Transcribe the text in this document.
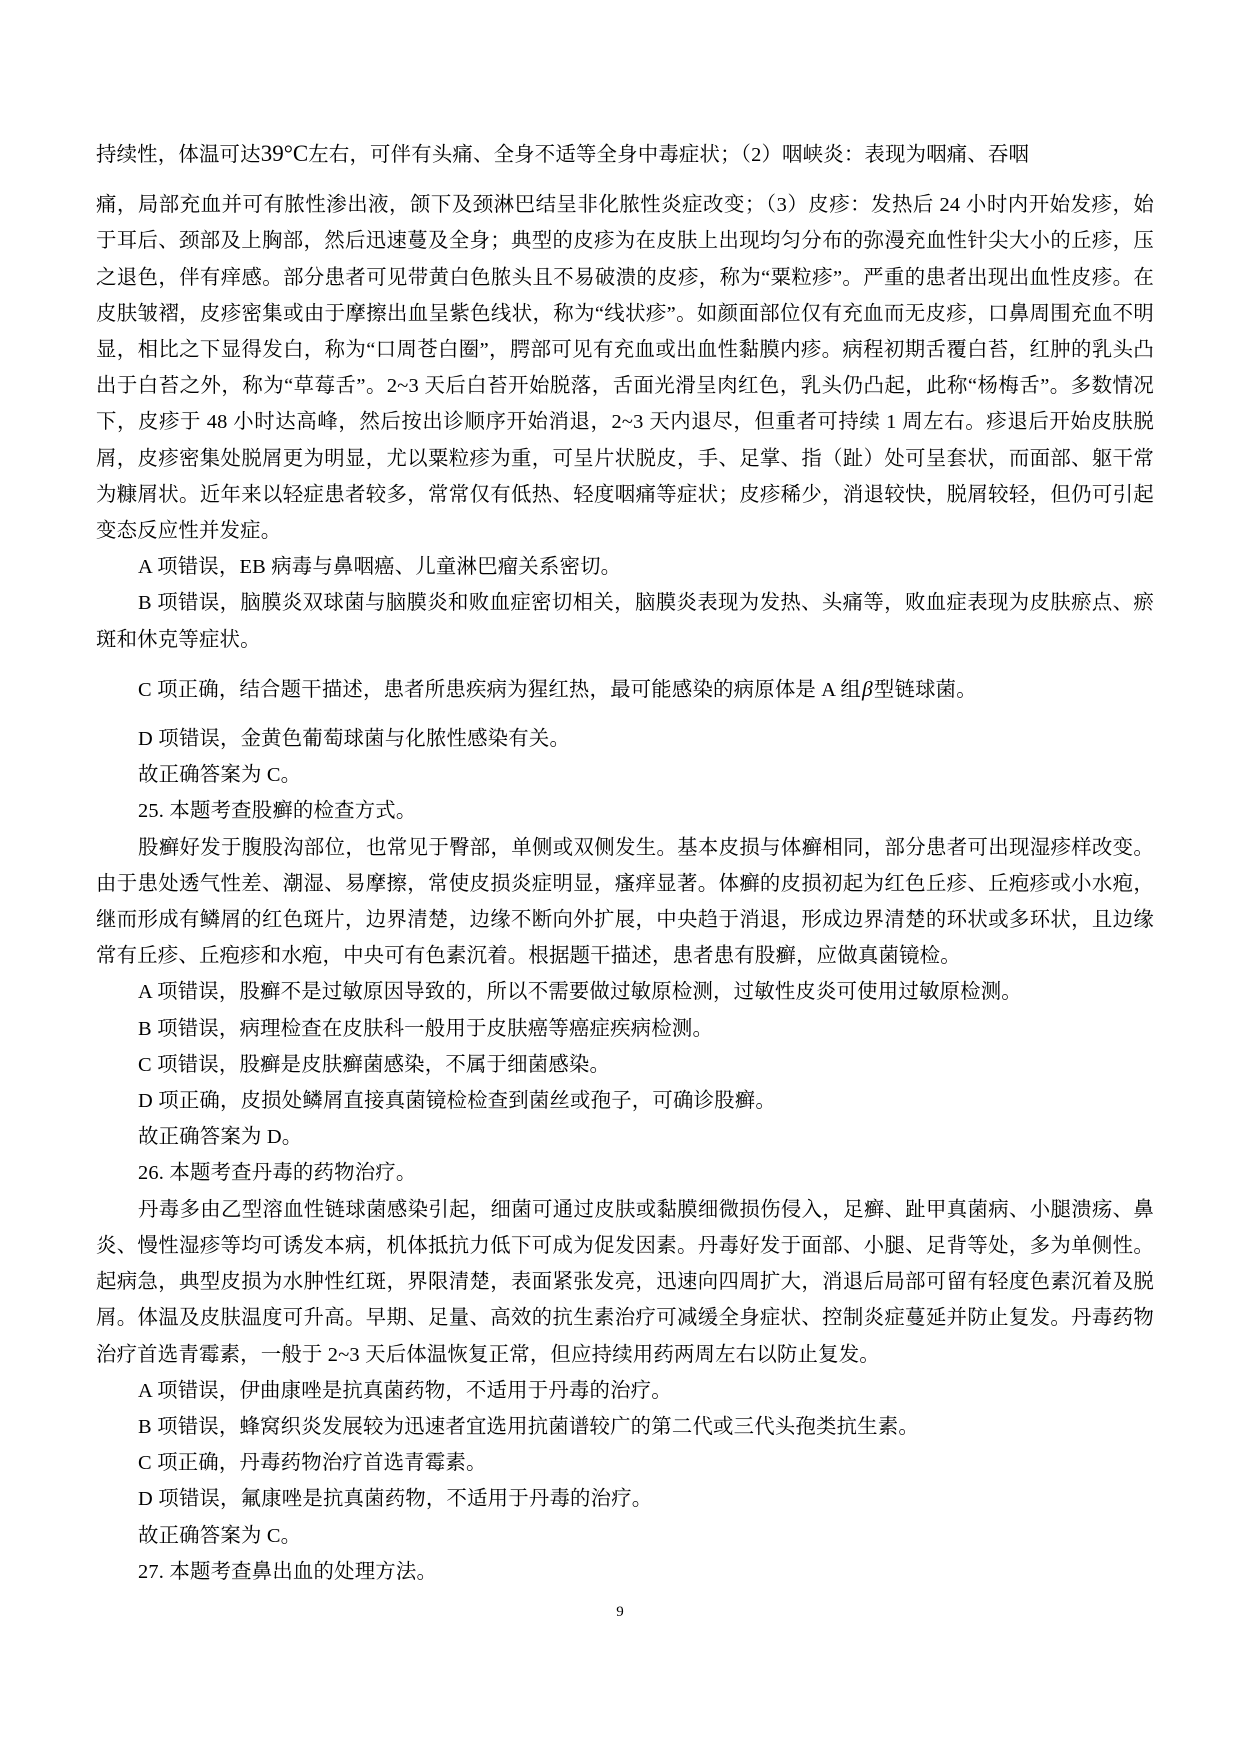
持续性，体温可达39°C左右，可伴有头痛、全身不适等全身中毒症状；（2）咽峡炎：表现为咽痛、吞咽

痛，局部充血并可有脓性渗出液，颌下及颈淋巴结呈非化脓性炎症改变；（3）皮疹：发热后 24 小时内开始发疹，始于耳后、颈部及上胸部，然后迅速蔓及全身；典型的皮疹为在皮肤上出现均匀分布的弥漫充血性针尖大小的丘疹，压之退色，伴有痒感。部分患者可见带黄白色脓头且不易破溃的皮疹，称为“粟粒疹”。严重的患者出现出血性皮疹。在皮肤皱褶，皮疹密集或由于摩擦出血呈紫色线状，称为“线状疹”。如颜面部位仅有充血而无皮疹，口鼻周围充血不明显，相比之下显得发白，称为“口周苍白圈”，腭部可见有充血或出血性黏膜内疹。病程初期舌覆白苔，红肿的乳头凸出于白苔之外，称为“草莓舌”。2~3 天后白苔开始脱落，舌面光滑呈肉红色，乳头仍凸起，此称“杨梅舌”。多数情况下，皮疹于 48 小时达高峰，然后按出诊顺序开始消退，2~3 天内退尽，但重者可持续 1 周左右。疹退后开始皮肤脱屑，皮疹密集处脱屑更为明显，尤以粟粒疹为重，可呈片状脱皮，手、足掌、指（趾）处可呈套状，而面部、躯干常为糠屑状。近年来以轻症患者较多，常常仅有低热、轻度咽痛等症状；皮疹稀少，消退较快，脱屑较轻，但仍可引起变态反应性并发症。

A 项错误，EB 病毒与鼻咽癌、儿童淋巴瘤关系密切。

B 项错误，脑膜炎双球菌与脑膜炎和败血症密切相关，脑膜炎表现为发热、头痛等，败血症表现为皮肤瘀点、瘀斑和休克等症状。

C 项正确，结合题干描述，患者所患疾病为猩红热，最可能感染的病原体是 A 组β型链球菌。

D 项错误，金黄色葡萄球菌与化脓性感染有关。

故正确答案为 C。

25. 本题考查股癣的检查方式。

股癣好发于腹股沟部位，也常见于臀部，单侧或双侧发生。基本皮损与体癣相同，部分患者可出现湿疹样改变。由于患处透气性差、潮湿、易摩擦，常使皮损炎症明显，瘙痒显著。体癣的皮损初起为红色丘疹、丘疱疹或小水疱，继而形成有鳞屑的红色斑片，边界清楚，边缘不断向外扩展，中央趋于消退，形成边界清楚的环状或多环状，且边缘常有丘疹、丘疱疹和水疱，中央可有色素沉着。根据题干描述，患者患有股癣，应做真菌镜检。

A 项错误，股癣不是过敏原因导致的，所以不需要做过敏原检测，过敏性皮炎可使用过敏原检测。

B 项错误，病理检查在皮肤科一般用于皮肤癌等癌症疾病检测。

C 项错误，股癣是皮肤癣菌感染，不属于细菌感染。

D 项正确，皮损处鳞屑直接真菌镜检检查到菌丝或孢子，可确诊股癣。

故正确答案为 D。

26. 本题考查丹毒的药物治疗。

丹毒多由乙型溶血性链球菌感染引起，细菌可通过皮肤或黏膜细微损伤侵入，足癣、趾甲真菌病、小腿溃疡、鼻炎、慢性湿疹等均可诱发本病，机体抵抗力低下可成为促发因素。丹毒好发于面部、小腿、足背等处，多为单侧性。起病急，典型皮损为水肿性红斑，界限清楚，表面紧张发亮，迅速向四周扩大，消退后局部可留有轻度色素沉着及脱屑。体温及皮肤温度可升高。早期、足量、高效的抗生素治疗可减缓全身症状、控制炎症蔓延并防止复发。丹毒药物治疗首选青霉素，一般于 2~3 天后体温恢复正常，但应持续用药两周左右以防止复发。

A 项错误，伊曲康唑是抗真菌药物，不适用于丹毒的治疗。

B 项错误，蜂窝织炎发展较为迅速者宜选用抗菌谱较广的第二代或三代头孢类抗生素。

C 项正确，丹毒药物治疗首选青霉素。

D 项错误，氟康唑是抗真菌药物，不适用于丹毒的治疗。

故正确答案为 C。

27. 本题考查鼻出血的处理方法。

9
